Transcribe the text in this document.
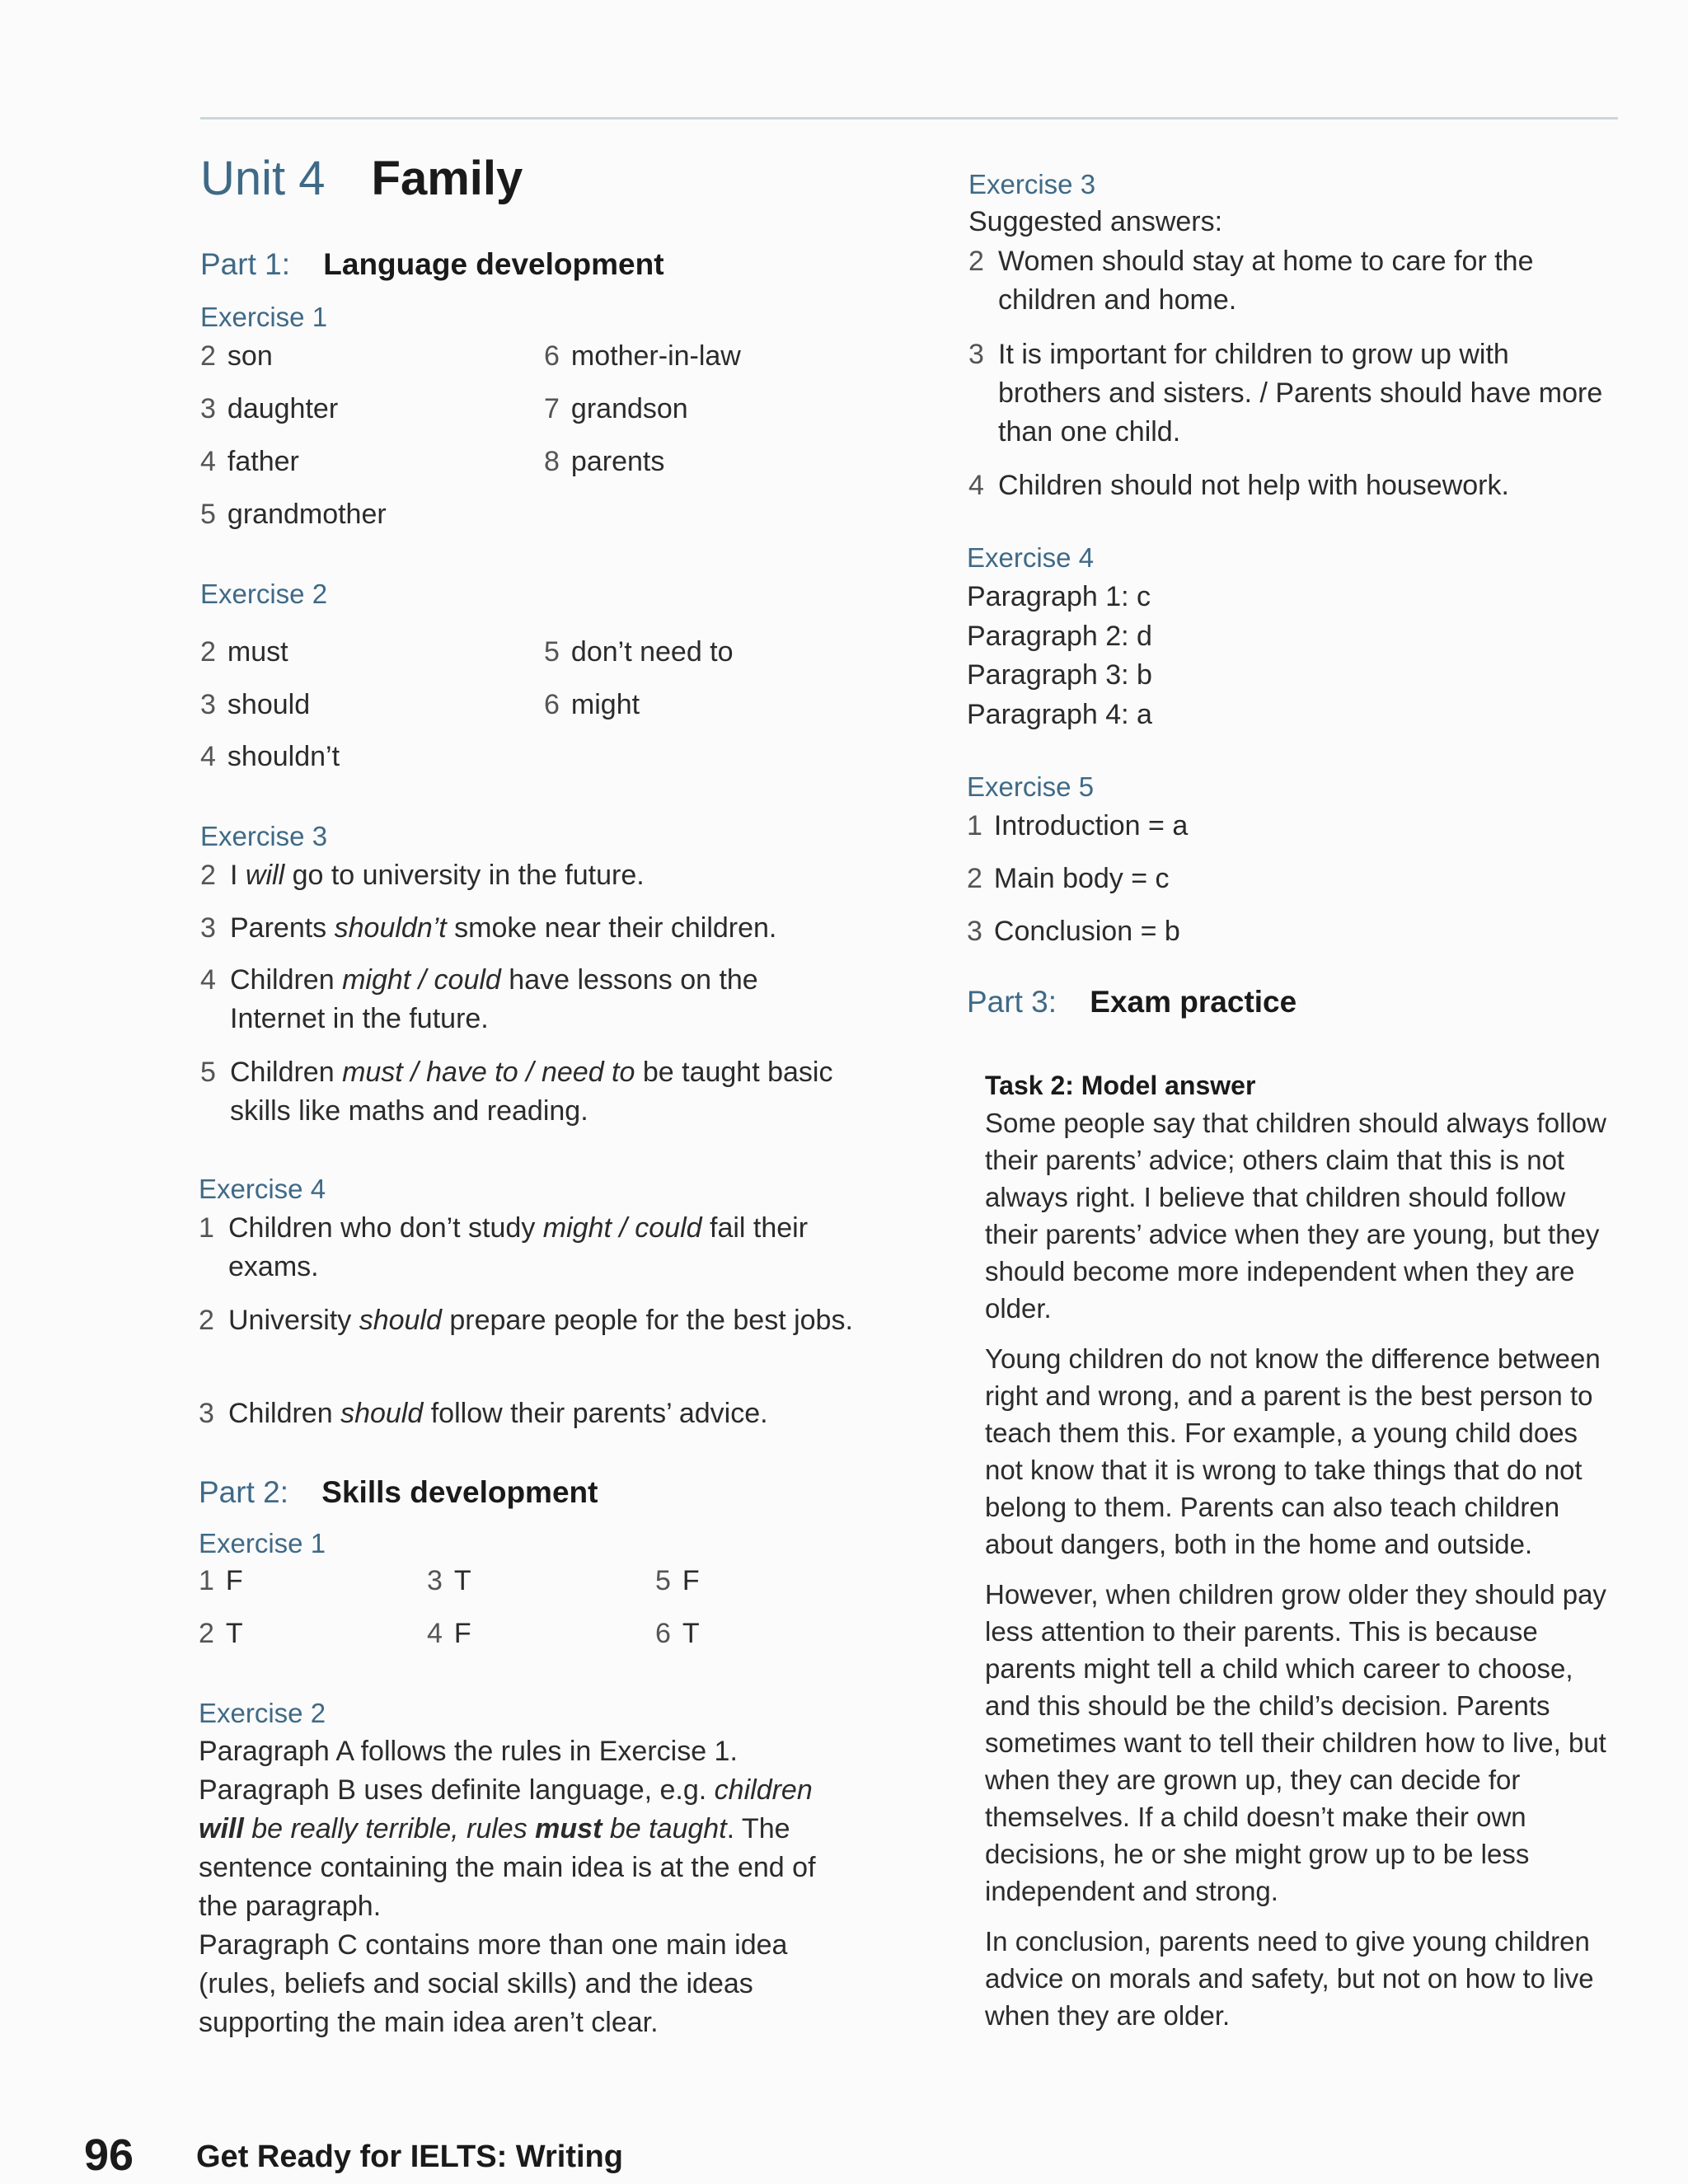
Unit 4 Family
Part 1: Language development
Exercise 1
2 son
3 daughter
4 father
5 grandmother
6 mother-in-law
7 grandson
8 parents
Exercise 2
2 must
3 should
4 shouldn’t
5 don’t need to
6 might
Exercise 3
2 I will go to university in the future.
3 Parents shouldn’t smoke near their children.
4 Children might / could have lessons on the Internet in the future.
5 Children must / have to / need to be taught basic skills like maths and reading.
Exercise 4
1 Children who don’t study might / could fail their exams.
2 University should prepare people for the best jobs.
3 Children should follow their parents’ advice.
Part 2: Skills development
Exercise 1
1 F
2 T
3 T
4 F
5 F
6 T
Exercise 2
Paragraph A follows the rules in Exercise 1.
Paragraph B uses definite language, e.g. children will be really terrible, rules must be taught. The sentence containing the main idea is at the end of the paragraph.
Paragraph C contains more than one main idea (rules, beliefs and social skills) and the ideas supporting the main idea aren’t clear.
Exercise 3
Suggested answers:
2 Women should stay at home to care for the children and home.
3 It is important for children to grow up with brothers and sisters. / Parents should have more than one child.
4 Children should not help with housework.
Exercise 4
Paragraph 1: c
Paragraph 2: d
Paragraph 3: b
Paragraph 4: a
Exercise 5
1 Introduction = a
2 Main body = c
3 Conclusion = b
Part 3: Exam practice
Task 2: Model answer

Some people say that children should always follow their parents’ advice; others claim that this is not always right. I believe that children should follow their parents’ advice when they are young, but they should become more independent when they are older.

Young children do not know the difference between right and wrong, and a parent is the best person to teach them this. For example, a young child does not know that it is wrong to take things that do not belong to them. Parents can also teach children about dangers, both in the home and outside.

However, when children grow older they should pay less attention to their parents. This is because parents might tell a child which career to choose, and this should be the child’s decision. Parents sometimes want to tell their children how to live, but when they are grown up, they can decide for themselves. If a child doesn’t make their own decisions, he or she might grow up to be less independent and strong.

In conclusion, parents need to give young children advice on morals and safety, but not on how to live when they are older.

96 Get Ready for IELTS: Writing
